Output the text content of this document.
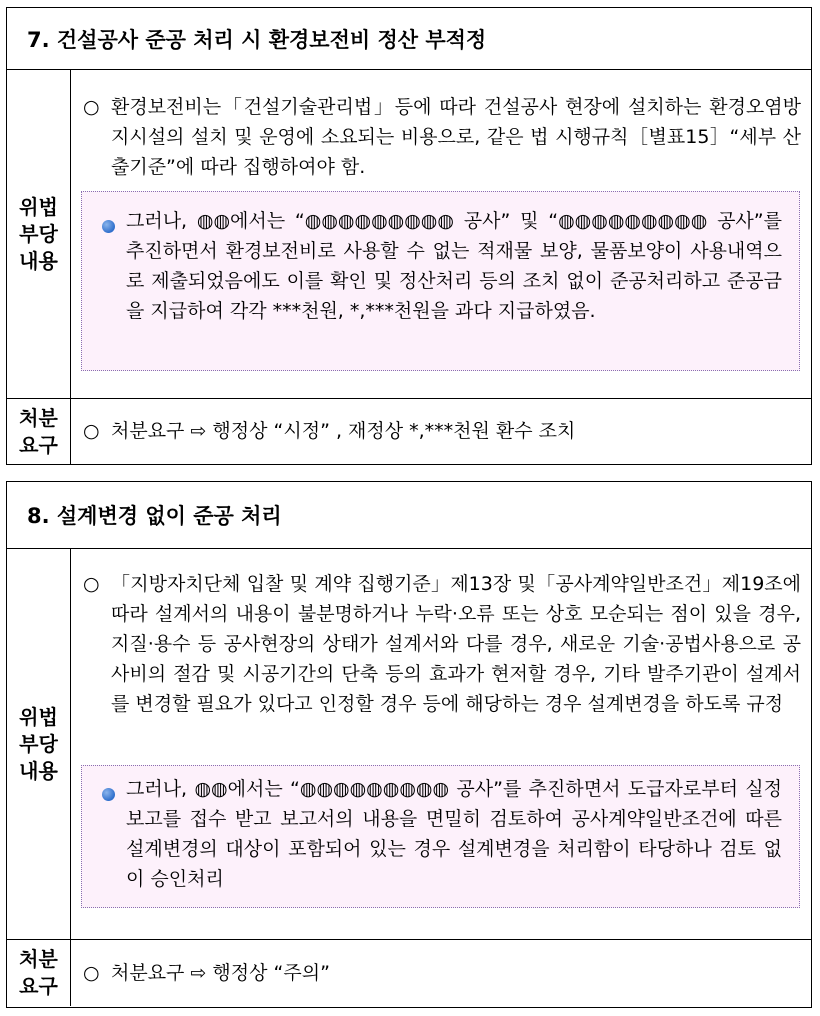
7. 건설공사 준공 처리 시 환경보전비 정산 부적정
위법
부당
내용
○ 환경보전비는「건설기술관리법」등에 따라 건설공사 현장에 설치하는 환경오염방지시설의 설치 및 운영에 소요되는 비용으로, 같은 법 시행규칙［별표15］“세부 산출기준”에 따라 집행하여야 함.
그러나, ◍◍에서는 “◍◍◍◍◍◍◍◍◍ 공사” 및 “◍◍◍◍◍◍◍◍◍ 공사”를 추진하면서 환경보전비로 사용할 수 없는 적재물 보양, 물품보양이 사용내역으로 제출되었음에도 이를 확인 및 정산처리 등의 조치 없이 준공처리하고 준공금을 지급하여 각각 ***천원, *,***천원을 과다 지급하였음.
처분
요구
○ 처분요구 ⇨ 행정상 “시정” , 재정상 *,***천원 환수 조치
8. 설계변경 없이 준공 처리
위법
부당
내용
○ 「지방자치단체 입찰 및 계약 집행기준」제13장 및「공사계약일반조건」제19조에 따라 설계서의 내용이 불분명하거나 누락·오류 또는 상호 모순되는 점이 있을 경우, 지질·용수 등 공사현장의 상태가 설계서와 다를 경우, 새로운 기술·공법사용으로 공사비의 절감 및 시공기간의 단축 등의 효과가 현저할 경우, 기타 발주기관이 설계서를 변경할 필요가 있다고 인정할 경우 등에 해당하는 경우 설계변경을 하도록 규정
그러나, ◍◍에서는 “◍◍◍◍◍◍◍◍◍ 공사”를 추진하면서 도급자로부터 실정보고를 접수 받고 보고서의 내용을 면밀히 검토하여 공사계약일반조건에 따른 설계변경의 대상이 포함되어 있는 경우 설계변경을 처리함이 타당하나 검토 없이 승인처리
처분
요구
○ 처분요구 ⇨ 행정상 “주의”
